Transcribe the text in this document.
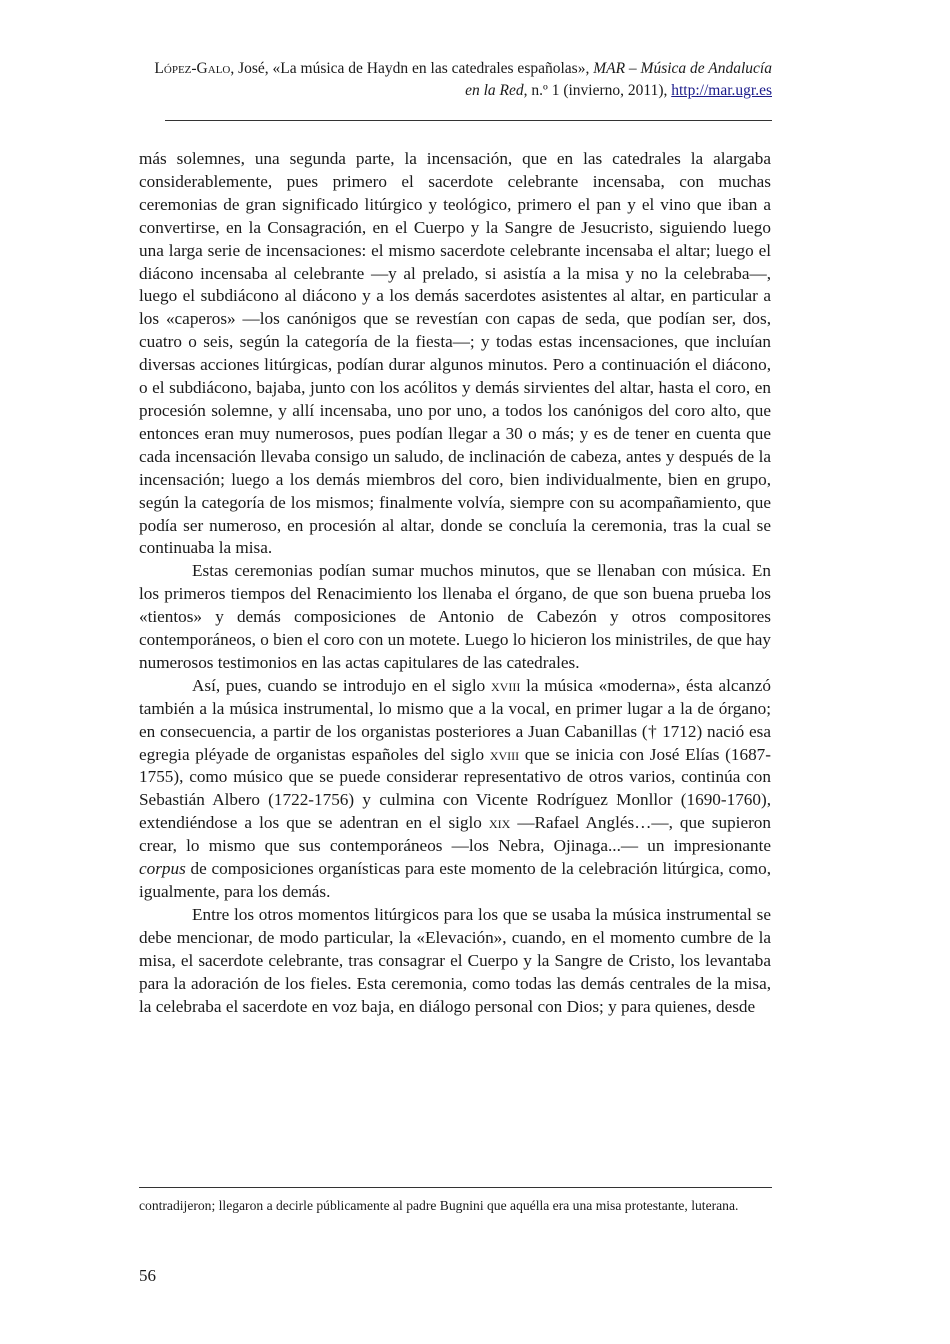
López-Galo, José, «La música de Haydn en las catedrales españolas», MAR – Música de Andalucía en la Red, n.º 1 (invierno, 2011), http://mar.ugr.es

más solemnes, una segunda parte, la incensación, que en las catedrales la alargaba considerablemente, pues primero el sacerdote celebrante incensaba, con muchas ceremonias de gran significado litúrgico y teológico, primero el pan y el vino que iban a convertirse, en la Consagración, en el Cuerpo y la Sangre de Jesucristo, siguiendo luego una larga serie de incensaciones: el mismo sacerdote celebrante incensaba el altar; luego el diácono incensaba al celebrante —y al prelado, si asistía a la misa y no la celebraba—, luego el subdiácono al diácono y a los demás sacerdotes asistentes al altar, en particular a los «caperos» —los canónigos que se revestían con capas de seda, que podían ser, dos, cuatro o seis, según la categoría de la fiesta—; y todas estas incensaciones, que incluían diversas acciones litúrgicas, podían durar algunos minutos. Pero a continuación el diácono, o el subdiácono, bajaba, junto con los acólitos y demás sirvientes del altar, hasta el coro, en procesión solemne, y allí incensaba, uno por uno, a todos los canónigos del coro alto, que entonces eran muy numerosos, pues podían llegar a 30 o más; y es de tener en cuenta que cada incensación llevaba consigo un saludo, de inclinación de cabeza, antes y después de la incensación; luego a los demás miembros del coro, bien individualmente, bien en grupo, según la categoría de los mismos; finalmente volvía, siempre con su acompañamiento, que podía ser numeroso, en procesión al altar, donde se concluía la ceremonia, tras la cual se continuaba la misa.

Estas ceremonias podían sumar muchos minutos, que se llenaban con música. En los primeros tiempos del Renacimiento los llenaba el órgano, de que son buena prueba los «tientos» y demás composiciones de Antonio de Cabezón y otros compositores contemporáneos, o bien el coro con un motete. Luego lo hicieron los ministriles, de que hay numerosos testimonios en las actas capitulares de las catedrales.

Así, pues, cuando se introdujo en el siglo xviii la música «moderna», ésta alcanzó también a la música instrumental, lo mismo que a la vocal, en primer lugar a la de órgano; en consecuencia, a partir de los organistas posteriores a Juan Cabanillas († 1712) nació esa egregia pléyade de organistas españoles del siglo xviii que se inicia con José Elías (1687-1755), como músico que se puede considerar representativo de otros varios, continúa con Sebastián Albero (1722-1756) y culmina con Vicente Rodríguez Monllor (1690-1760), extendiéndose a los que se adentran en el siglo xix —Rafael Anglés…—, que supieron crear, lo mismo que sus contemporáneos —los Nebra, Ojinaga...— un impresionante corpus de composiciones organísticas para este momento de la celebración litúrgica, como, igualmente, para los demás.

Entre los otros momentos litúrgicos para los que se usaba la música instrumental se debe mencionar, de modo particular, la «Elevación», cuando, en el momento cumbre de la misa, el sacerdote celebrante, tras consagrar el Cuerpo y la Sangre de Cristo, los levantaba para la adoración de los fieles. Esta ceremonia, como todas las demás centrales de la misa, la celebraba el sacerdote en voz baja, en diálogo personal con Dios; y para quienes, desde

contradijeron; llegaron a decirle públicamente al padre Bugnini que aquélla era una misa protestante, luterana.

56
